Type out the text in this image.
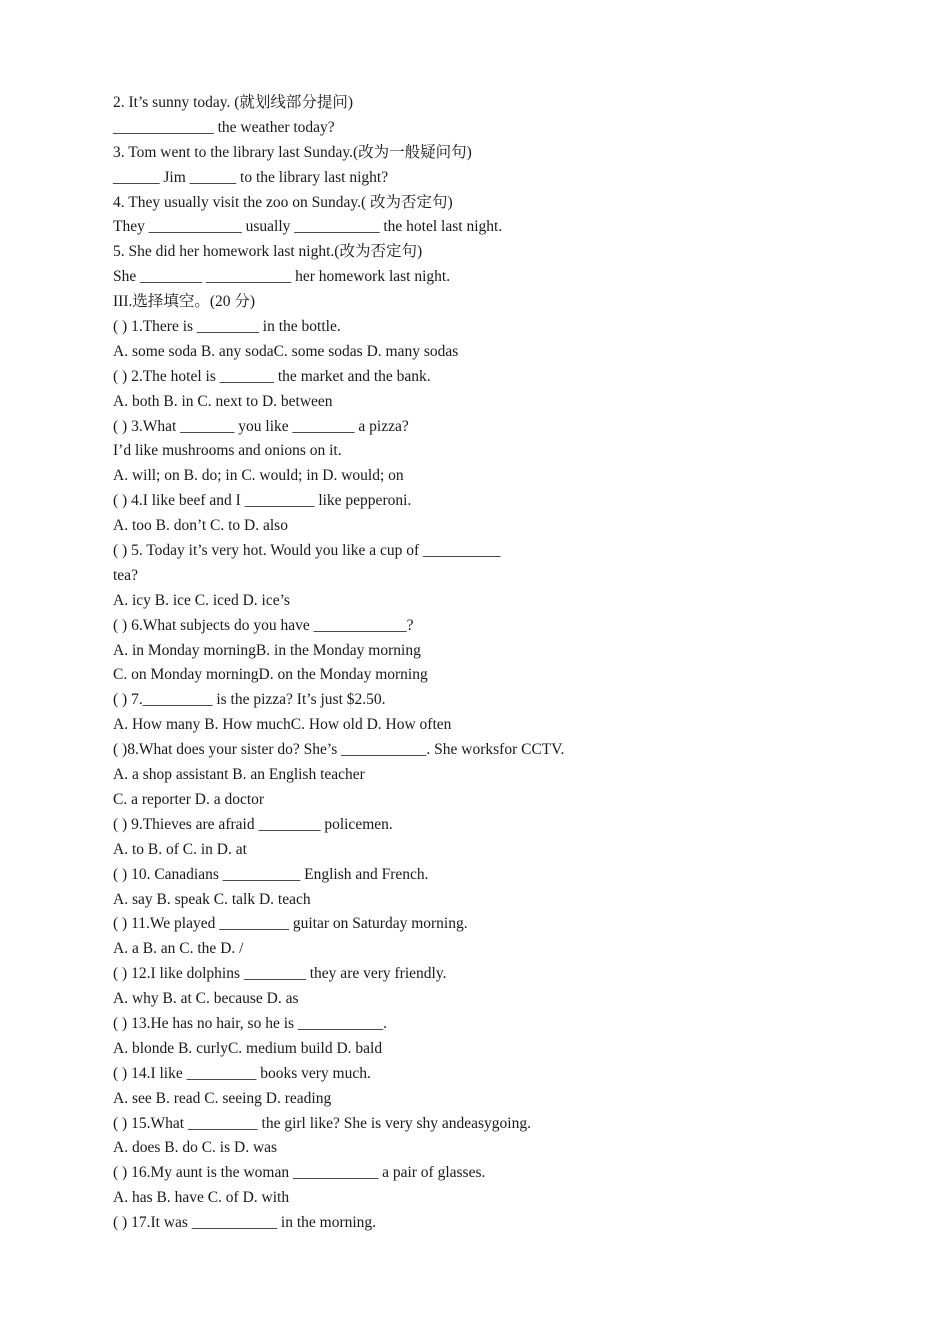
2. It’s sunny today. (就划线部分提问)
_____________ the weather today?
3. Tom went to the library last Sunday.(改为一般疑问句)
______ Jim ______ to the library last night?
4. They usually visit the zoo on Sunday.( 改为否定句)
They ____________ usually ___________ the hotel last night.
5. She did her homework last night.(改为否定句)
She ________ ___________ her homework last night.
III.选择填空。(20 分)
( ) 1.There is ________ in the bottle.
A. some soda B. any sodaC. some sodas D. many sodas
( ) 2.The hotel is _______ the market and the bank.
A. both B. in C. next to D. between
( ) 3.What _______ you like ________ a pizza?
I’d like mushrooms and onions on it.
A. will; on B. do; in C. would; in D. would; on
( ) 4.I like beef and I _________ like pepperoni.
A. too B. don’t C. to D. also
( ) 5. Today it’s very hot. Would you like a cup of __________
tea?
A. icy B. ice C. iced D. ice’s
( ) 6.What subjects do you have ____________?
A. in Monday morningB. in the Monday morning
C. on Monday morningD. on the Monday morning
( ) 7._________ is the pizza? It’s just $2.50.
A. How many B. How muchC. How old D. How often
( )8.What does your sister do? She’s ___________. She worksfor CCTV.
A. a shop assistant B. an English teacher
C. a reporter D. a doctor
( ) 9.Thieves are afraid ________ policemen.
A. to B. of C. in D. at
( ) 10. Canadians __________ English and French.
A. say B. speak C. talk D. teach
( ) 11.We played _________ guitar on Saturday morning.
A. a B. an C. the D. /
( ) 12.I like dolphins ________ they are very friendly.
A. why B. at C. because D. as
( ) 13.He has no hair, so he is ___________.
A. blonde B. curlyC. medium build D. bald
( ) 14.I like _________ books very much.
A. see B. read C. seeing D. reading
( ) 15.What _________ the girl like? She is very shy andeasygoing.
A. does B. do C. is D. was
( ) 16.My aunt is the woman ___________ a pair of glasses.
A. has B. have C. of D. with
( ) 17.It was ___________ in the morning.
